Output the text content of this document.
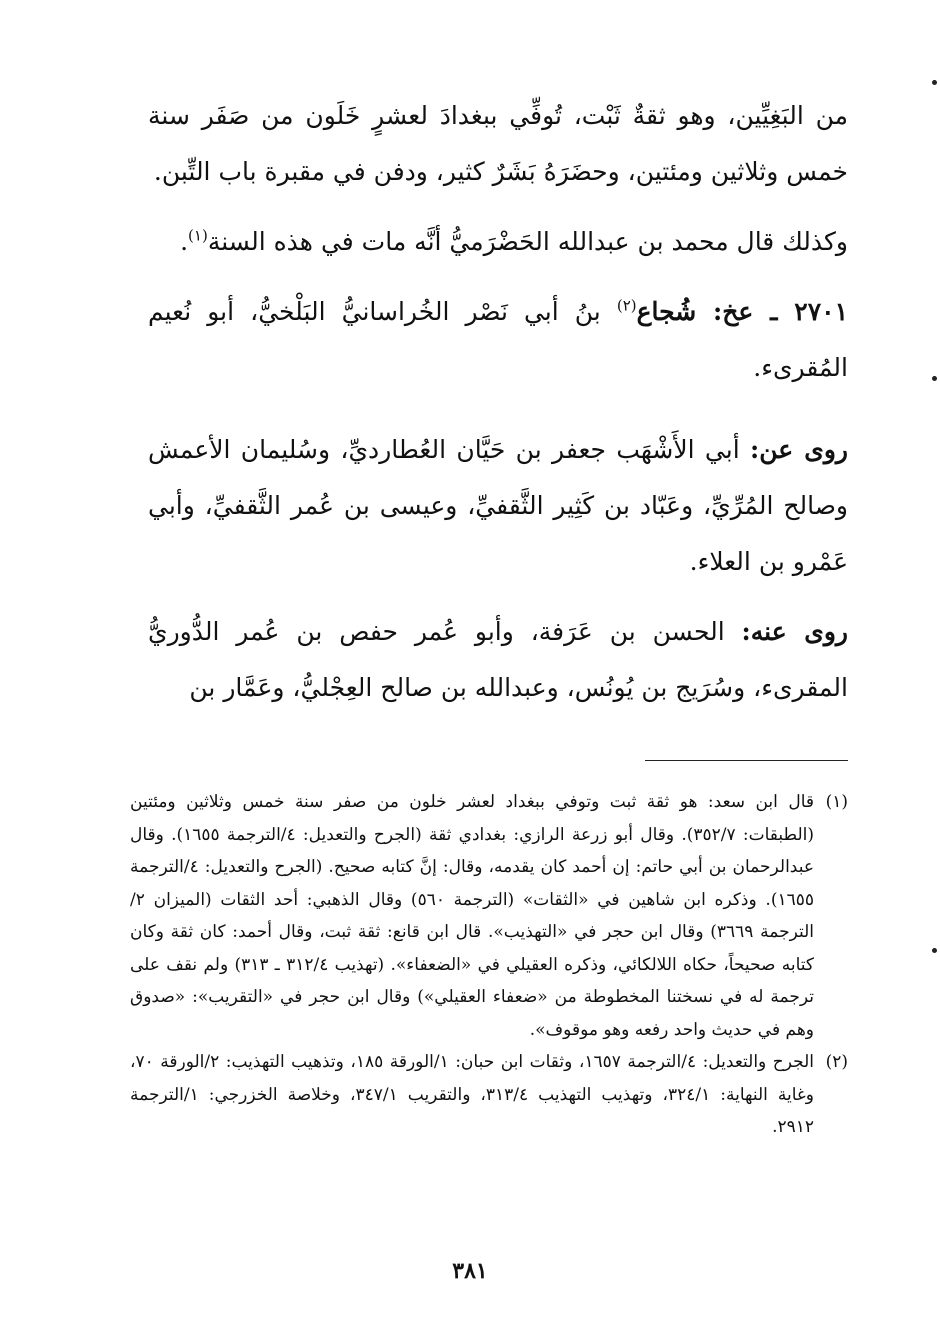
من البَغِيِّين، وهو ثقةٌ ثَبْت، تُوفِّي ببغدادَ لعشرٍ خَلَون من صَفَر سنة خمس وثلاثين ومئتين، وحضَرَهُ بَشَرٌ كثير، ودفن في مقبرة باب التِّبن.

وكذلك قال محمد بن عبدالله الحَضْرَميُّ أنَّه مات في هذه السنة$^{(١)}$.

٢٧٠١ ـ عخ: شُجاع$^{(٢)}$ بنُ أبي نَصْر الخُراسانيُّ البَلْخيُّ، أبو نُعيم المُقرىء.

روى عن: أبي الأَشْهَب جعفر بن حَيَّان العُطارديِّ، وسُليمان الأعمش وصالح المُرِّيِّ، وعَبّاد بن كَثِير الثَّقفيِّ، وعيسى بن عُمر الثَّقفيِّ، وأبي عَمْرو بن العلاء.

روى عنه: الحسن بن عَرَفة، وأبو عُمر حفص بن عُمر الدُّوريُّ المقرىء، وسُرَيج بن يُونُس، وعبدالله بن صالح العِجْليُّ، وعَمَّار بن

(١)
قال ابن سعد: هو ثقة ثبت وتوفي ببغداد لعشر خلون من صفر سنة خمس وثلاثين ومئتين (الطبقات: ٣٥٢/٧). وقال أبو زرعة الرازي: بغدادي ثقة (الجرح والتعديل: ٤/الترجمة ١٦٥٥). وقال عبدالرحمان بن أبي حاتم: إن أحمد كان يقدمه، وقال: إنَّ كتابه صحيح. (الجرح والتعديل: ٤/الترجمة ١٦٥٥). وذكره ابن شاهين في «الثقات» (الترجمة ٥٦٠) وقال الذهبي: أحد الثقات (الميزان ٢/الترجمة ٣٦٦٩) وقال ابن حجر في «التهذيب». قال ابن قانع: ثقة ثبت، وقال أحمد: كان ثقة وكان كتابه صحيحاً، حكاه اللالكائي، وذكره العقيلي في «الضعفاء». (تهذيب ٣١٢/٤ ـ ٣١٣) ولم نقف على ترجمة له في نسختنا المخطوطة من «ضعفاء العقيلي») وقال ابن حجر في «التقريب»: «صدوق وهم في حديث واحد رفعه وهو موقوف».
(٢)
الجرح والتعديل: ٤/الترجمة ١٦٥٧، وثقات ابن حبان: ١/الورقة ١٨٥، وتذهيب التهذيب: ٢/الورقة ٧٠، وغاية النهاية: ٣٢٤/١، وتهذيب التهذيب ٣١٣/٤، والتقريب ٣٤٧/١، وخلاصة الخزرجي: ١/الترجمة ٢٩١٢.
٣٨١
